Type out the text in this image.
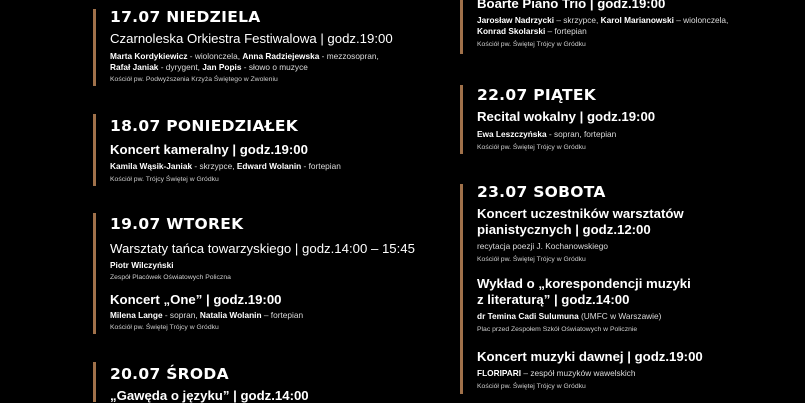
17.07 NIEDZIELA
Czarnoleska Orkiestra Festiwalowa | godz.19:00
Marta Kordykiewicz - wiolonczela, Anna Radziejewska - mezzosopran,
Rafał Janiak - dyrygent, Jan Popis - słowo o muzyce
Kościół pw. Podwyższenia Krzyża Świętego w Zwoleniu
18.07 PONIEDZIAŁEK
Koncert kameralny | godz.19:00
Kamila Wąsik-Janiak - skrzypce, Edward Wolanin - fortepian
Kościół pw. Trójcy Świętej w Gródku
19.07 WTOREK
Warsztaty tańca towarzyskiego | godz.14:00 – 15:45
Piotr Wilczyński
Zespół Placówek Oświatowych Policzna
Koncert „One” | godz.19:00
Milena Lange - sopran, Natalia Wolanin – fortepian
Kościół pw. Świętej Trójcy w Gródku
20.07 ŚRODA
„Gawęda o języku” | godz.14:00
Boarte Piano Trio | godz.19:00
Jarosław Nadrzycki – skrzypce, Karol Marianowski – wiolonczela,
Konrad Skolarski – fortepian
Kościół pw. Świętej Trójcy w Gródku
22.07 PIĄTEK
Recital wokalny | godz.19:00
Ewa Leszczyńska - sopran, fortepian
Kościół pw. Świętej Trójcy w Gródku
23.07 SOBOTA
Koncert uczestników warsztatów
pianistycznych | godz.12:00
recytacja poezji J. Kochanowskiego
Kościół pw. Świętej Trójcy w Gródku
Wykład o „korespondencji muzyki
z literaturą” | godz.14:00
dr Temina Cadi Sulumuna (UMFC w Warszawie)
Plac przed Zespołem Szkół Oświatowych w Policznie
Koncert muzyki dawnej | godz.19:00
FLORIPARI – zespół muzyków wawelskich
Kościół pw. Świętej Trójcy w Gródku
